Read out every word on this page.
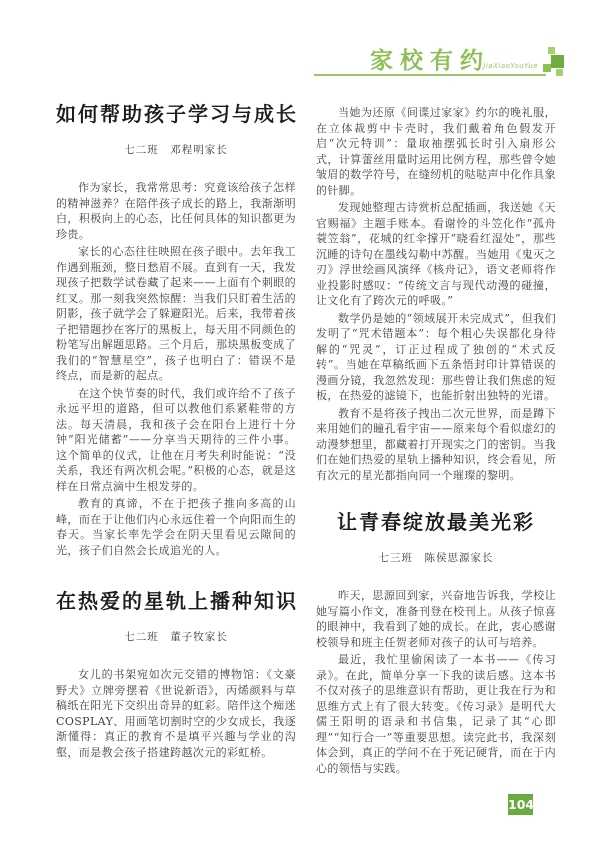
家校有约
JiaXiaoYouYue
如何帮助孩子学习与成长
七二班　邓程明家长

作为家长，我常常思考：究竟该给孩子怎样的精神滋养？在陪伴孩子成长的路上，我渐渐明白，积极向上的心态，比任何具体的知识都更为珍贵。

家长的心态往往映照在孩子眼中。去年我工作遇到瓶颈，整日愁眉不展。直到有一天，我发现孩子把数学试卷藏了起来——上面有个刺眼的红叉。那一刻我突然惊醒：当我们只盯着生活的阴影，孩子就学会了躲避阳光。后来，我带着孩子把错题抄在客厅的黑板上，每天用不同颜色的粉笔写出解题思路。三个月后，那块黑板变成了我们的“智慧星空”，孩子也明白了：错误不是终点，而是新的起点。

在这个快节奏的时代，我们或许给不了孩子永远平坦的道路，但可以教他们系紧鞋带的方法。每天清晨，我和孩子会在阳台上进行十分钟“阳光储蓄”——分享当天期待的三件小事。这个简单的仪式，让他在月考失利时能说：“没关系，我还有两次机会呢。”积极的心态，就是这样在日常点滴中生根发芽的。

教育的真谛，不在于把孩子推向多高的山峰，而在于让他们内心永远住着一个向阳而生的春天。当家长率先学会在阴天里看见云隙间的光，孩子们自然会长成追光的人。

在热爱的星轨上播种知识
七二班　董子牧家长

女儿的书架宛如次元交错的博物馆：《文豪野犬》立牌旁摆着《世说新语》，丙烯颜料与草稿纸在阳光下交织出奇异的虹彩。陪伴这个痴迷COSPLAY、用画笔切割时空的少女成长，我逐渐懂得：真正的教育不是填平兴趣与学业的沟壑，而是教会孩子搭建跨越次元的彩虹桥。

当她为还原《间谍过家家》约尔的晚礼服，在立体裁剪中卡壳时，我们戴着角色假发开启“次元特训”：量取袖摆弧长时引入扇形公式，计算蕾丝用量时运用比例方程，那些曾令她皱眉的数学符号，在缝纫机的哒哒声中化作具象的针脚。

发现她整理古诗赏析总配插画，我送她《天官赐福》主题手账本。看谢怜的斗笠化作“孤舟蓑笠翁”，花城的红伞撑开“晓看红湿处”，那些沉睡的诗句在墨线勾勒中苏醒。当她用《鬼灭之刃》浮世绘画风演绎《核舟记》，语文老师将作业投影时感叹：“传统文言与现代动漫的碰撞，让文化有了跨次元的呼吸。”

数学仍是她的“领域展开未完成式”，但我们发明了“咒术错题本”：每个粗心失误都化身待解的“咒灵”，订正过程成了独创的“术式反转”。当她在草稿纸画下五条悟封印计算错误的漫画分镜，我忽然发现：那些曾让我们焦虑的短板，在热爱的滤镜下，也能折射出独特的光谱。

教育不是将孩子拽出二次元世界，而是蹲下来用她们的瞳孔看宇宙——原来每个看似虚幻的动漫梦想里，都藏着打开现实之门的密钥。当我们在她们热爱的星轨上播种知识，终会看见，所有次元的星光都指向同一个璀璨的黎明。

让青春绽放最美光彩
七三班　陈侯思源家长

昨天，思源回到家，兴奋地告诉我，学校让她写篇小作文，准备刊登在校刊上。从孩子惊喜的眼神中，我看到了她的成长。在此，衷心感谢校领导和班主任贺老师对孩子的认可与培养。

最近，我忙里偷闲读了一本书——《传习录》。在此，简单分享一下我的读后感。这本书不仅对孩子的思维意识有帮助，更让我在行为和思维方式上有了很大转变。《传习录》是明代大儒王阳明的语录和书信集，记录了其“心即理”“知行合一”等重要思想。读完此书，我深刻体会到，真正的学问不在于死记硬背，而在于内心的领悟与实践。

104
